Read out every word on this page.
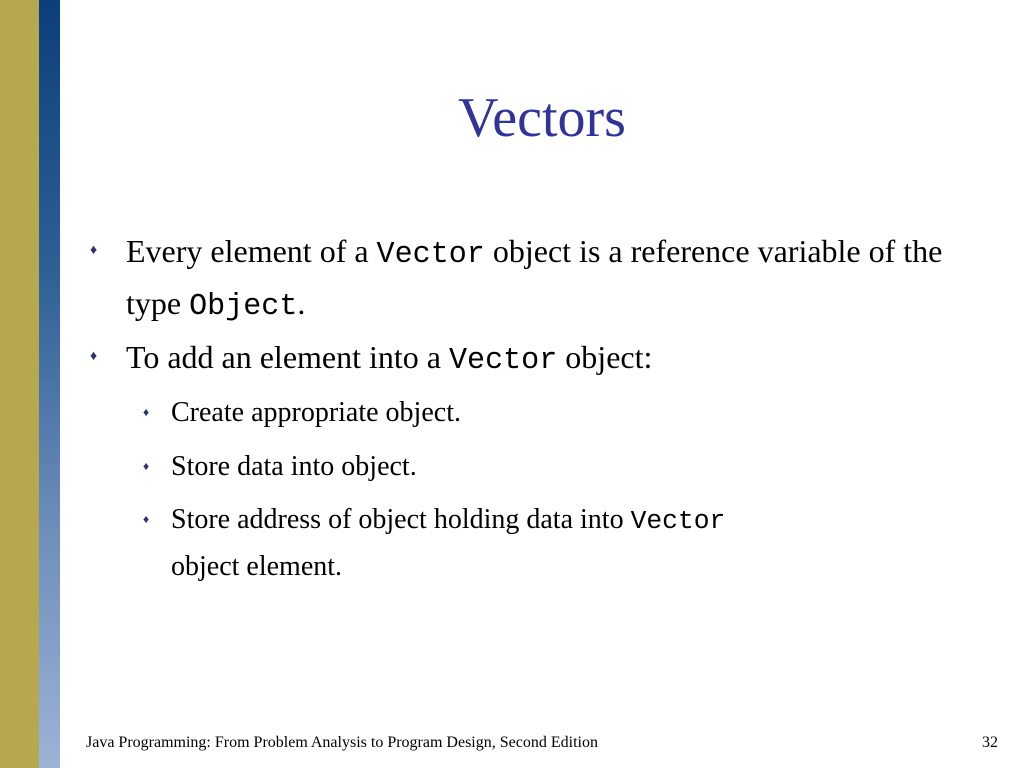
Vectors

♦ Every element of a Vector object is a reference variable of the type Object.

♦ To add an element into a Vector object:

♦ Create appropriate object.

♦ Store data into object.

♦ Store address of object holding data into Vector
object element.

Java Programming: From Problem Analysis to Program Design, Second Edition	32
